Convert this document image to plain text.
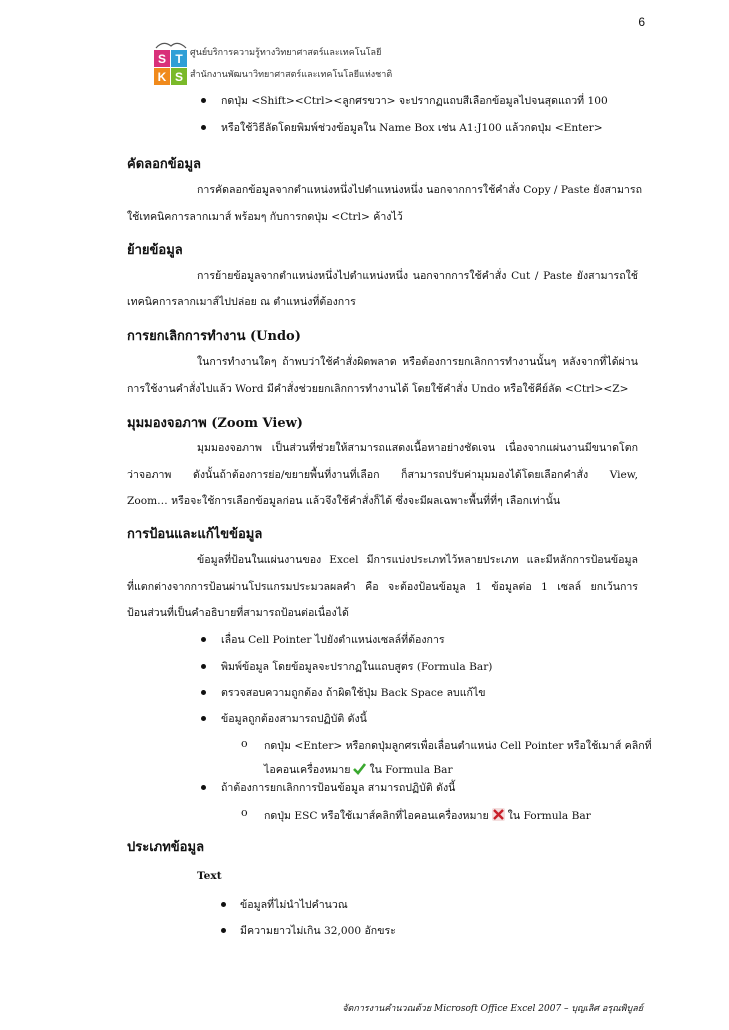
6
S T
K S
ศูนย์บริการความรู้ทางวิทยาศาสตร์และเทคโนโลยี
สำนักงานพัฒนาวิทยาศาสตร์และเทคโนโลยีแห่งชาติ
กดปุ่ม <Shift><Ctrl><ลูกศรขวา> จะปรากฏแถบสีเลือกข้อมูลไปจนสุดแถวที่ 100
หรือใช้วิธีลัดโดยพิมพ์ช่วงข้อมูลใน Name Box เช่น A1:J100 แล้วกดปุ่ม <Enter>
คัดลอกข้อมูล
การคัดลอกข้อมูลจากตำแหน่งหนึ่งไปตำแหน่งหนึ่ง นอกจากการใช้คำสั่ง Copy / Paste ยังสามารถ
ใช้เทคนิคการลากเมาส์ พร้อมๆ กับการกดปุ่ม <Ctrl> ค้างไว้
ย้ายข้อมูล
การย้ายข้อมูลจากตำแหน่งหนึ่งไปตำแหน่งหนึ่ง นอกจากการใช้คำสั่ง Cut / Paste ยังสามารถใช้
เทคนิคการลากเมาส์ไปปล่อย ณ ตำแหน่งที่ต้องการ
การยกเลิกการทำงาน (Undo)
ในการทำงานใดๆ ถ้าพบว่าใช้คำสั่งผิดพลาด หรือต้องการยกเลิกการทำงานนั้นๆ หลังจากที่ได้ผ่าน
การใช้งานคำสั่งไปแล้ว Word มีคำสั่งช่วยยกเลิกการทำงานได้ โดยใช้คำสั่ง Undo หรือใช้คีย์ลัด <Ctrl><Z>
มุมมองจอภาพ (Zoom View)
มุมมองจอภาพ เป็นส่วนที่ช่วยให้สามารถแสดงเนื้อหาอย่างชัดเจน เนื่องจากแผ่นงานมีขนาดโตก
ว่าจอภาพ ดังนั้นถ้าต้องการย่อ/ขยายพื้นที่งานที่เลือก ก็สามารถปรับค่ามุมมองได้โดยเลือกคำสั่ง View,
Zoom… หรือจะใช้การเลือกข้อมูลก่อน แล้วจึงใช้คำสั่งก็ได้ ซึ่งจะมีผลเฉพาะพื้นที่ที่ๆ เลือกเท่านั้น
การป้อนและแก้ไขข้อมูล
ข้อมูลที่ป้อนในแผ่นงานของ Excel มีการแบ่งประเภทไว้หลายประเภท และมีหลักการป้อนข้อมูล
ที่แตกต่างจากการป้อนผ่านโปรแกรมประมวลผลคำ คือ จะต้องป้อนข้อมูล 1 ข้อมูลต่อ 1 เซลล์ ยกเว้นการ
ป้อนส่วนที่เป็นคำอธิบายที่สามารถป้อนต่อเนื่องได้
เลื่อน Cell Pointer ไปยังตำแหน่งเซลล์ที่ต้องการ
พิมพ์ข้อมูล โดยข้อมูลจะปรากฏในแถบสูตร (Formula Bar)
ตรวจสอบความถูกต้อง ถ้าผิดใช้ปุ่ม Back Space ลบแก้ไข
ข้อมูลถูกต้องสามารถปฏิบัติ ดังนี้
o กดปุ่ม <Enter> หรือกดปุ่มลูกศรเพื่อเลื่อนตำแหน่ง Cell Pointer หรือใช้เมาส์ คลิกที่
ไอคอนเครื่องหมาย ใน Formula Bar
ถ้าต้องการยกเลิกการป้อนข้อมูล สามารถปฏิบัติ ดังนี้
o กดปุ่ม ESC หรือใช้เมาส์คลิกที่ไอคอนเครื่องหมาย ใน Formula Bar
ประเภทข้อมูล
Text
ข้อมูลที่ไม่นำไปคำนวณ
มีความยาวไม่เกิน 32,000 อักขระ
จัดการงานคำนวณด้วย Microsoft Office Excel 2007 – บุญเลิศ อรุณพิบูลย์
